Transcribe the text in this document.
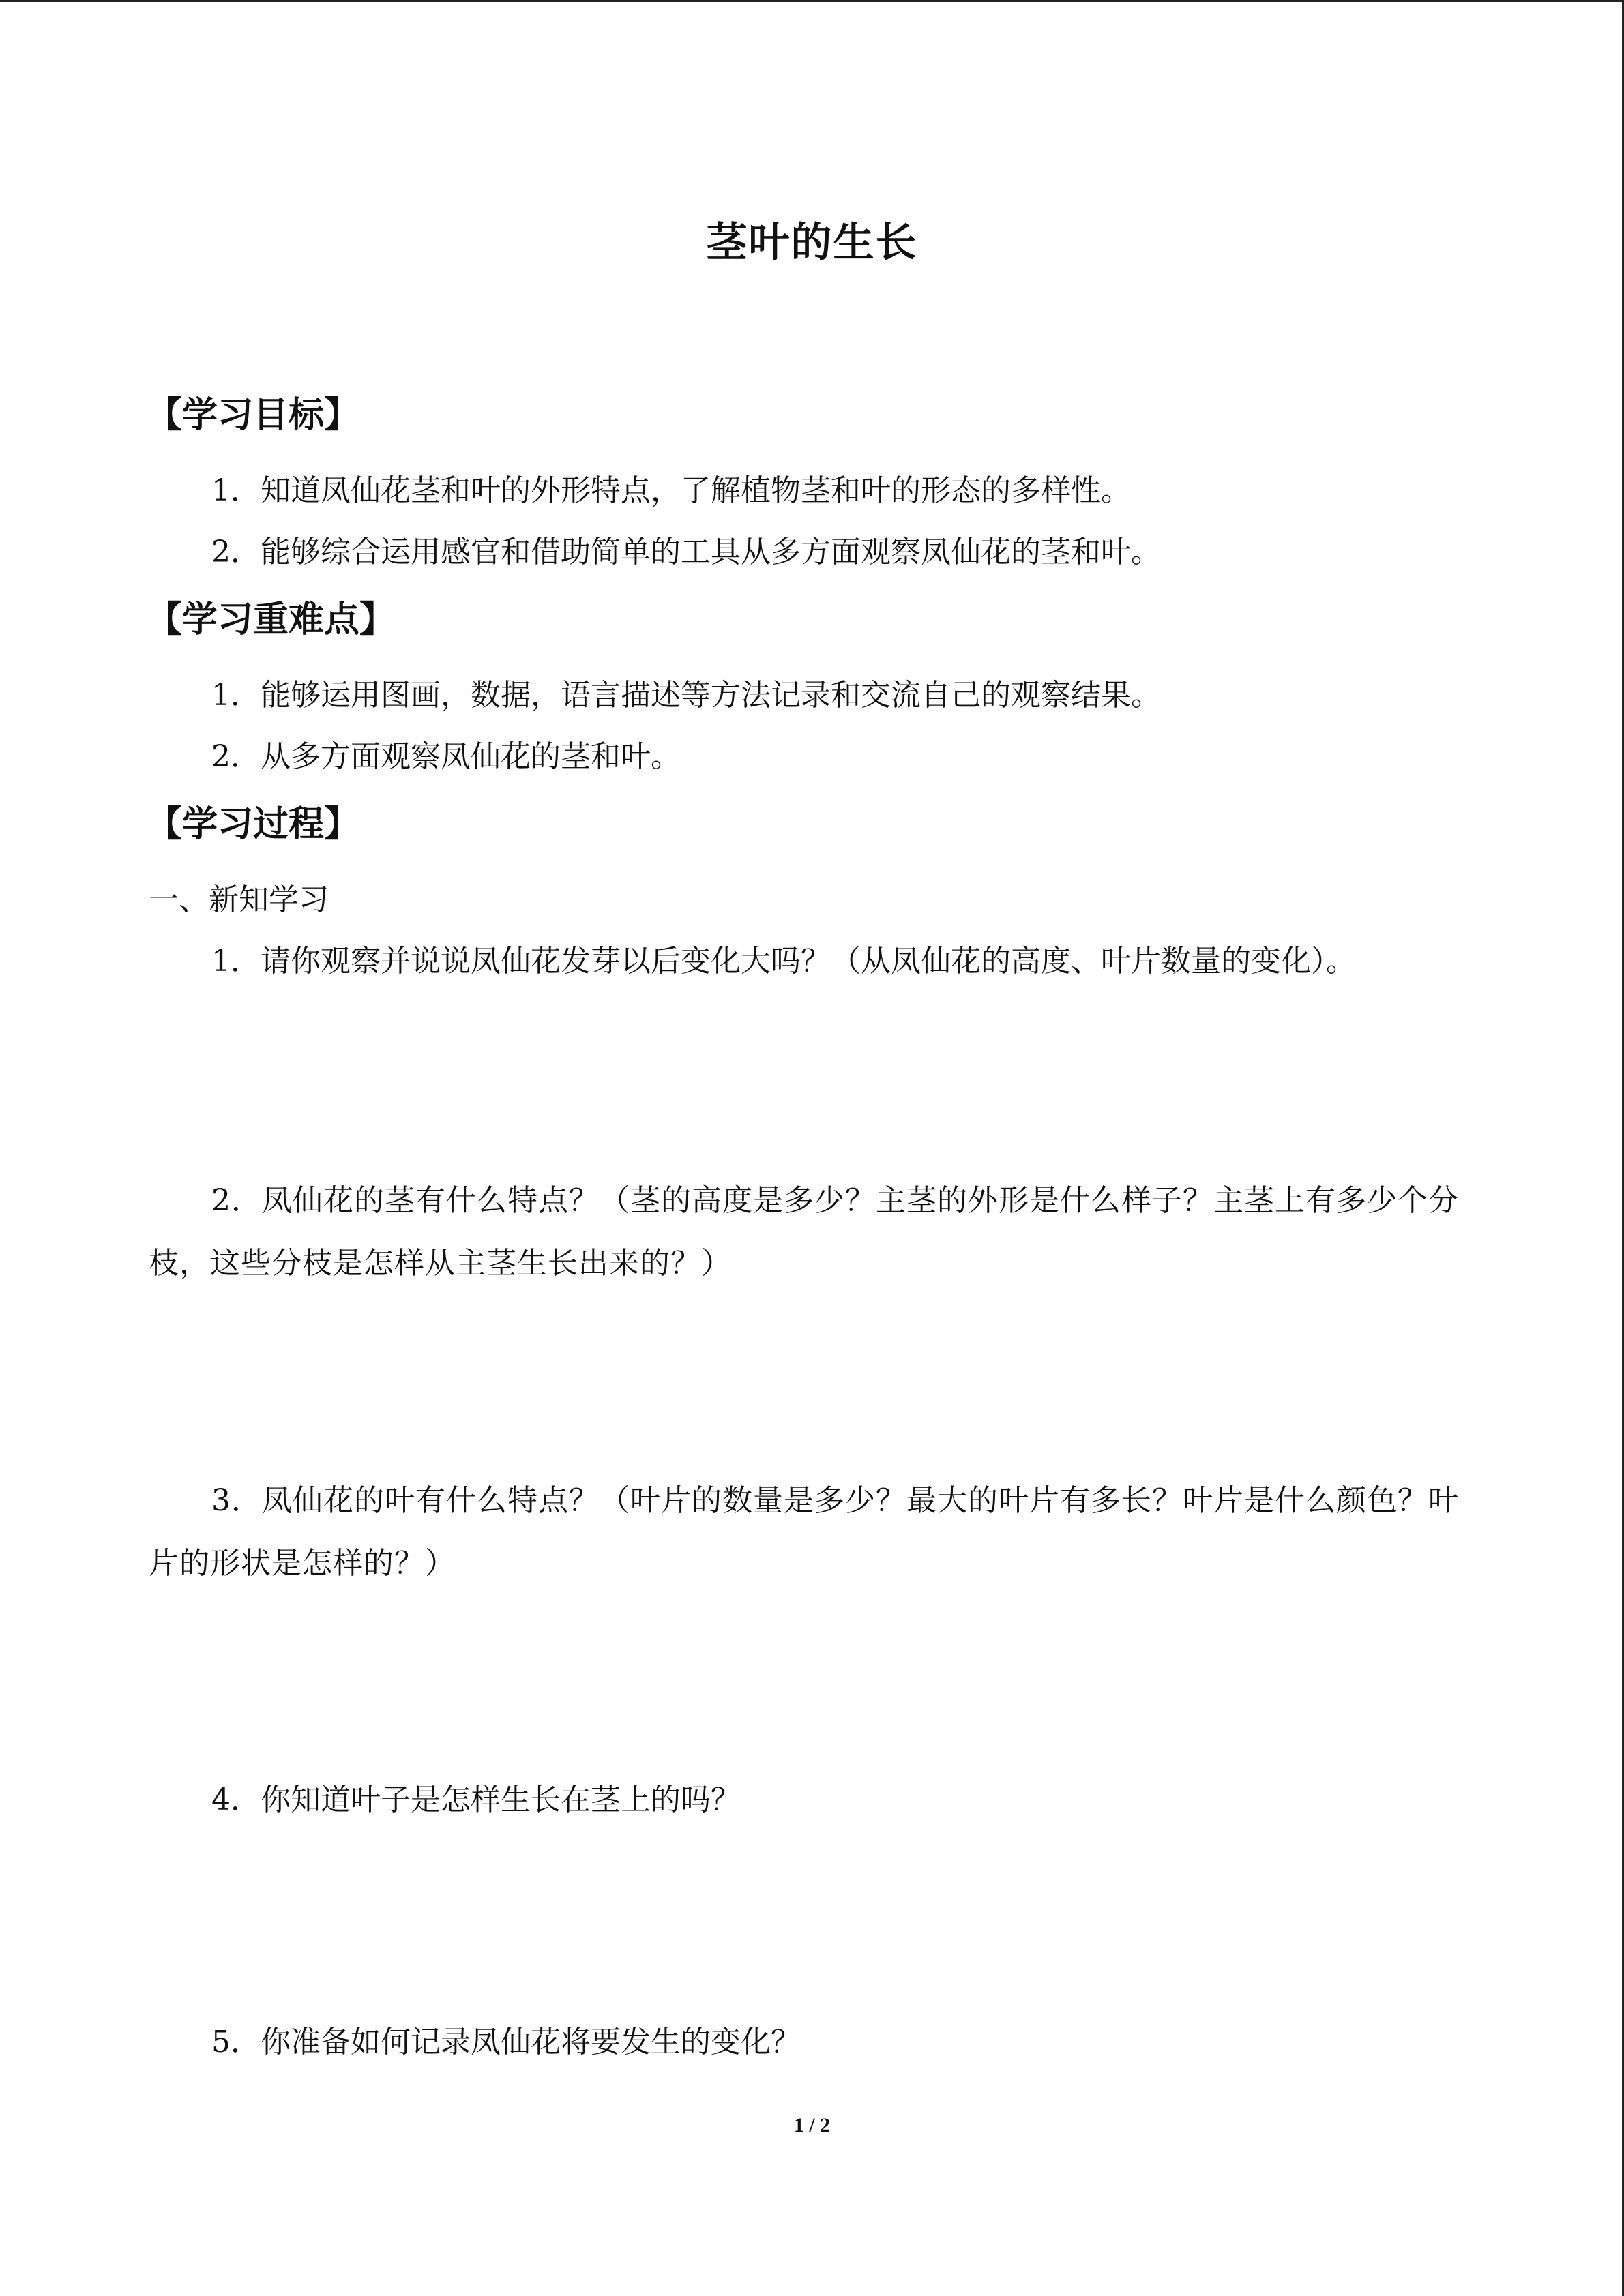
茎叶的生长
【学习目标】
1．知道凤仙花茎和叶的外形特点，了解植物茎和叶的形态的多样性。
2．能够综合运用感官和借助简单的工具从多方面观察凤仙花的茎和叶。
【学习重难点】
1．能够运用图画，数据，语言描述等方法记录和交流自己的观察结果。
2．从多方面观察凤仙花的茎和叶。
【学习过程】
一、新知学习
1．请你观察并说说凤仙花发芽以后变化大吗？（从凤仙花的高度、叶片数量的变化）。
2．凤仙花的茎有什么特点？（茎的高度是多少？主茎的外形是什么样子？主茎上有多少个分枝，这些分枝是怎样从主茎生长出来的？）
3．凤仙花的叶有什么特点？（叶片的数量是多少？最大的叶片有多长？叶片是什么颜色？叶片的形状是怎样的？）
4．你知道叶子是怎样生长在茎上的吗？
5．你准备如何记录凤仙花将要发生的变化？
1 / 2
